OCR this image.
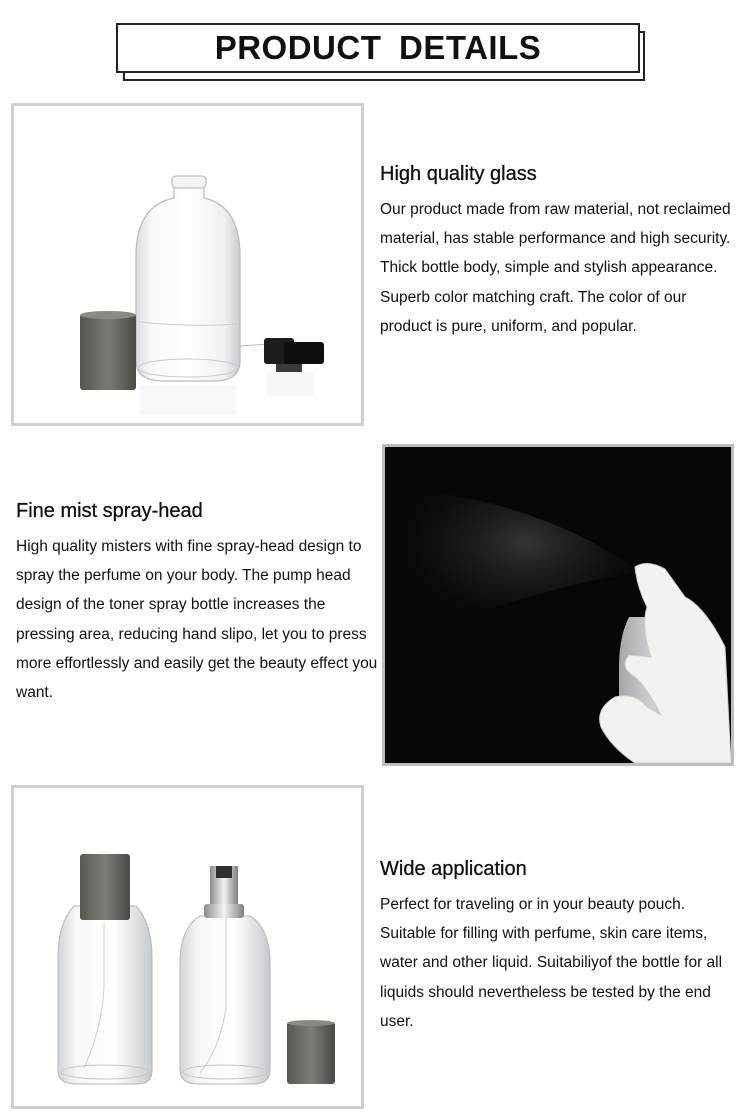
PRODUCT DETAILS
High quality glass

Our product made from raw material, not reclaimed material, has stable performance and high security. Thick bottle body, simple and stylish appearance. Superb color matching craft. The color of our product is pure, uniform, and popular.

Fine mist spray-head

High quality misters with fine spray-head design to spray the perfume on your body. The pump head design of the toner spray bottle increases the pressing area, reducing hand slipo, let you to press more effortlessly and easily get the beauty effect you want.

Wide application

Perfect for traveling or in your beauty pouch. Suitable for filling with perfume, skin care items, water and other liquid. Suitabiliyof the bottle for all liquids should nevertheless be tested by the end user.
